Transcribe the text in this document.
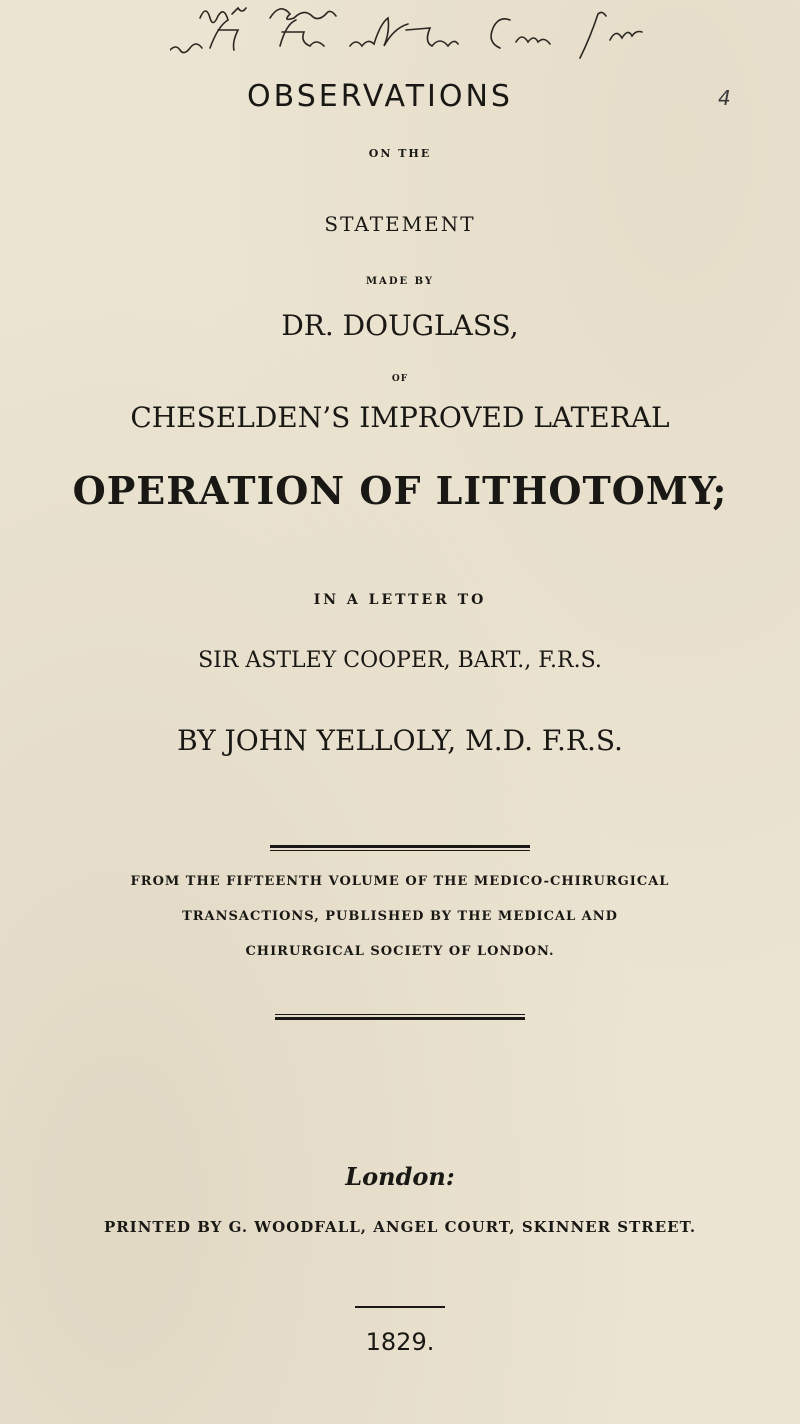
OBSERVATIONS	4
ON THE
STATEMENT
MADE BY
DR. DOUGLASS,
OF
CHESELDEN’S IMPROVED LATERAL
OPERATION OF LITHOTOMY;
IN A LETTER TO
SIR ASTLEY COOPER, BART., F.R.S.
BY JOHN YELLOLY, M.D. F.R.S.
FROM THE FIFTEENTH VOLUME OF THE MEDICO-CHIRURGICAL
TRANSACTIONS, PUBLISHED BY THE MEDICAL AND
CHIRURGICAL SOCIETY OF LONDON.
London:
PRINTED BY G. WOODFALL, ANGEL COURT, SKINNER STREET.
1829.
